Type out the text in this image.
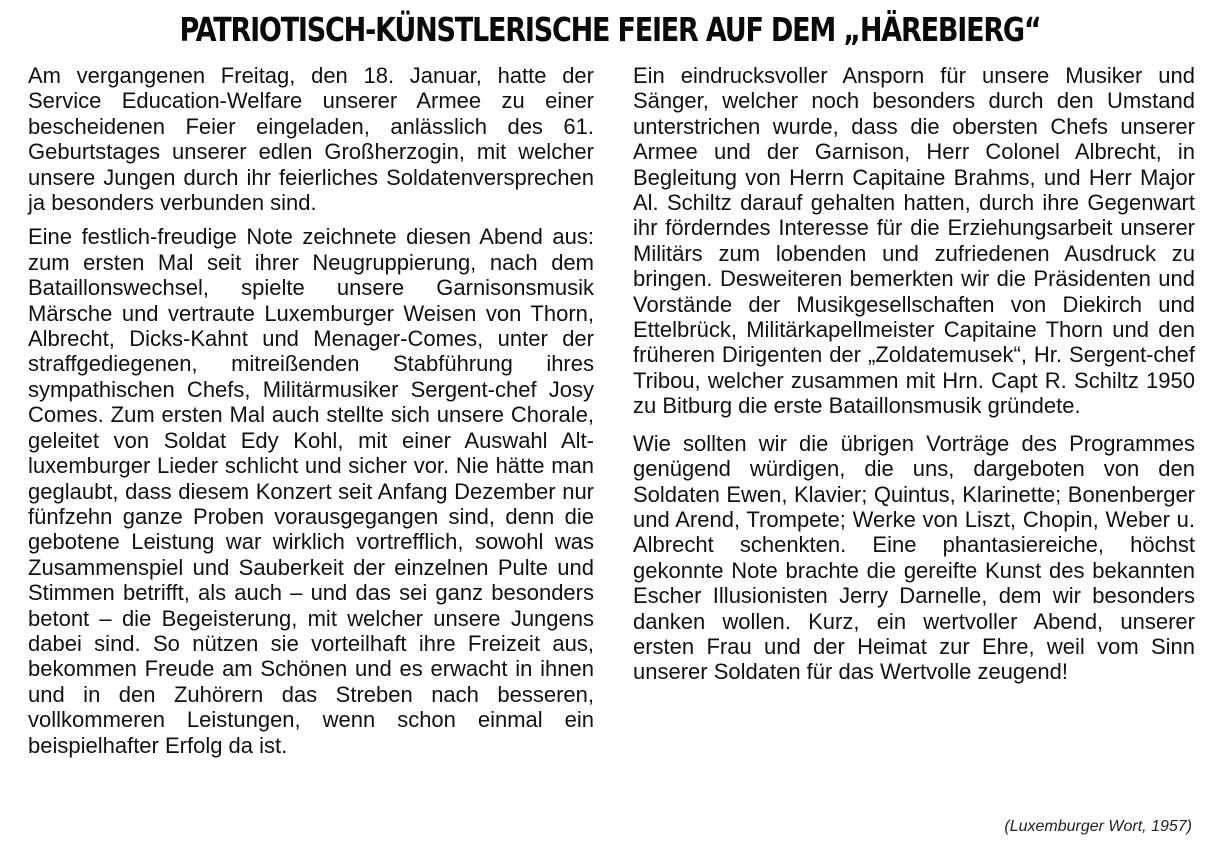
PATRIOTISCH-KÜNSTLERISCHE FEIER AUF DEM „HÄREBIERG“

Am vergangenen Freitag, den 18. Januar, hatte der Service Education-Welfare unserer Armee zu einer bescheidenen Feier eingeladen, anlässlich des 61. Geburtstages unserer edlen Großherzogin, mit welcher unsere Jungen durch ihr feierliches Soldatenversprechen ja besonders verbunden sind.

Eine festlich-freudige Note zeichnete diesen Abend aus: zum ersten Mal seit ihrer Neugruppierung, nach dem Bataillonswechsel, spielte unsere Garnisonsmusik Märsche und vertraute Luxemburger Weisen von Thorn, Albrecht, Dicks-Kahnt und Menager-Comes, unter der straffgediegenen, mitreißenden Stabführung ihres sympathischen Chefs, Militärmusiker Sergent-chef Josy Comes. Zum ersten Mal auch stellte sich unsere Chorale, geleitet von Soldat Edy Kohl, mit einer Auswahl Altluxemburger Lieder schlicht und sicher vor. Nie hätte man geglaubt, dass diesem Konzert seit Anfang Dezember nur fünfzehn ganze Proben vorausgegangen sind, denn die gebotene Leistung war wirklich vortrefflich, sowohl was Zusammenspiel und Sauberkeit der einzelnen Pulte und Stimmen betrifft, als auch – und das sei ganz besonders betont – die Begeisterung, mit welcher unsere Jungens dabei sind. So nützen sie vorteilhaft ihre Freizeit aus, bekommen Freude am Schönen und es erwacht in ihnen und in den Zuhörern das Streben nach besseren, vollkommeren Leistungen, wenn schon einmal ein beispielhafter Erfolg da ist.

Ein eindrucksvoller Ansporn für unsere Musiker und Sänger, welcher noch besonders durch den Umstand unterstrichen wurde, dass die obersten Chefs unserer Armee und der Garnison, Herr Colonel Albrecht, in Begleitung von Herrn Capitaine Brahms, und Herr Major Al. Schiltz darauf gehalten hatten, durch ihre Gegenwart ihr förderndes Interesse für die Erziehungsarbeit unserer Militärs zum lobenden und zufriedenen Ausdruck zu bringen. Desweiteren bemerkten wir die Präsidenten und Vorstände der Musikgesellschaften von Diekirch und Ettelbrück, Militärkapellmeister Capitaine Thorn und den früheren Dirigenten der „Zoldatemusek“, Hr. Sergent-chef Tribou, welcher zusammen mit Hrn. Capt R. Schiltz 1950 zu Bitburg die erste Bataillonsmusik gründete.

Wie sollten wir die übrigen Vorträge des Programmes genügend würdigen, die uns, dargeboten von den Soldaten Ewen, Klavier; Quintus, Klarinette; Bonenberger und Arend, Trompete; Werke von Liszt, Chopin, Weber u. Albrecht schenkten. Eine phantasiereiche, höchst gekonnte Note brachte die gereifte Kunst des bekannten Escher Illusionisten Jerry Darnelle, dem wir besonders danken wollen. Kurz, ein wertvoller Abend, unserer ersten Frau und der Heimat zur Ehre, weil vom Sinn unserer Soldaten für das Wertvolle zeugend!

(Luxemburger Wort, 1957)
